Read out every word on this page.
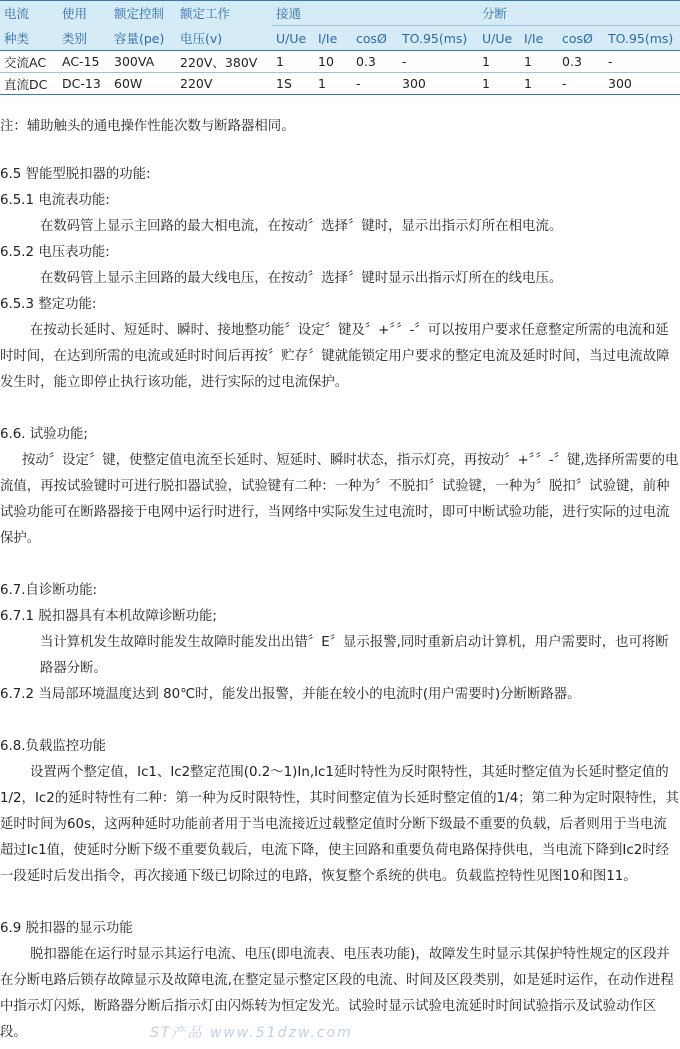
电流	使用	额定控制	额定工作	接通				分断			
种类	类别	容量(pe)	电压(v)	U/Ue	I/Ie	cosØ	TO.95(ms)	U/Ue	I/Ie	cosØ	TO.95(ms)
交流AC	AC-15	300VA	220V、380V	1	10	0.3	-	1	1	0.3	-
直流DC	DC-13	60W	220V	1S	1	-	300	1	1	-	300

注：辅助触头的通电操作性能次数与断路器相同。

6.5 智能型脱扣器的功能:

6.5.1 电流表功能:

在数码管上显示主回路的最大相电流，在按动〞选择〞键时，显示出指示灯所在相电流。

6.5.2 电压表功能:

在数码管上显示主回路的最大线电压，在按动〞选择〞键时显示出指示灯所在的线电压。

6.5.3 整定功能:

在按动长延时、短延时、瞬时、接地整功能〞设定〞键及〞+〞〞-〞可以按用户要求任意整定所需的电流和延时时间，在达到所需的电流或延时时间后再按〞贮存〞键就能锁定用户要求的整定电流及延时时间，当过电流故障发生时，能立即停止执行该功能，进行实际的过电流保护。

6.6. 试验功能;

按动〞设定〞键，使整定值电流至长延时、短延时、瞬时状态，指示灯亮，再按动〞+〞〞-〞键,选择所需要的电流值，再按试验键时可进行脱扣器试验，试验键有二种：一种为〞不脱扣〞试验键，一种为〞脱扣〞试验键，前种试验功能可在断路器接于电网中运行时进行，当网络中实际发生过电流时，即可中断试验功能，进行实际的过电流保护。

6.7.自诊断功能:

6.7.1 脱扣器具有本机故障诊断功能;

当计算机发生故障时能发生故障时能发出出错〞E〞显示报警,同时重新启动计算机，用户需要时，也可将断路器分断。

6.7.2 当局部环境温度达到 80℃时，能发出报警，并能在较小的电流时(用户需要时)分断断路器。

6.8.负载监控功能

设置两个整定值，Ic1、Ic2整定范围(0.2～1)In,Ic1延时特性为反时限特性，其延时整定值为长延时整定值的1/2，Ic2的延时特性有二种：第一种为反时限特性，其时间整定值为长延时整定值的1/4；第二种为定时限特性，其延时时间为60s，这两种延时功能前者用于当电流接近过载整定值时分断下级最不重要的负载，后者则用于当电流超过Ic1值，使延时分断下级不重要负载后，电流下降，使主回路和重要负荷电路保持供电，当电流下降到Ic2时经一段延时后发出指令，再次接通下级已切除过的电路，恢复整个系统的供电。负载监控特性见图10和图11。

6.9 脱扣器的显示功能

脱扣器能在运行时显示其运行电流、电压(即电流表、电压表功能)，故障发生时显示其保护特性规定的区段并在分断电路后锁存故障显示及故障电流,在整定显示整定区段的电流、时间及区段类别，如是延时运作，在动作进程中指示灯闪烁，断路器分断后指示灯由闪烁转为恒定发光。试验时显示试验电流延时时间试验指示及试验动作区段。	ST产品 www.51dzw.com
